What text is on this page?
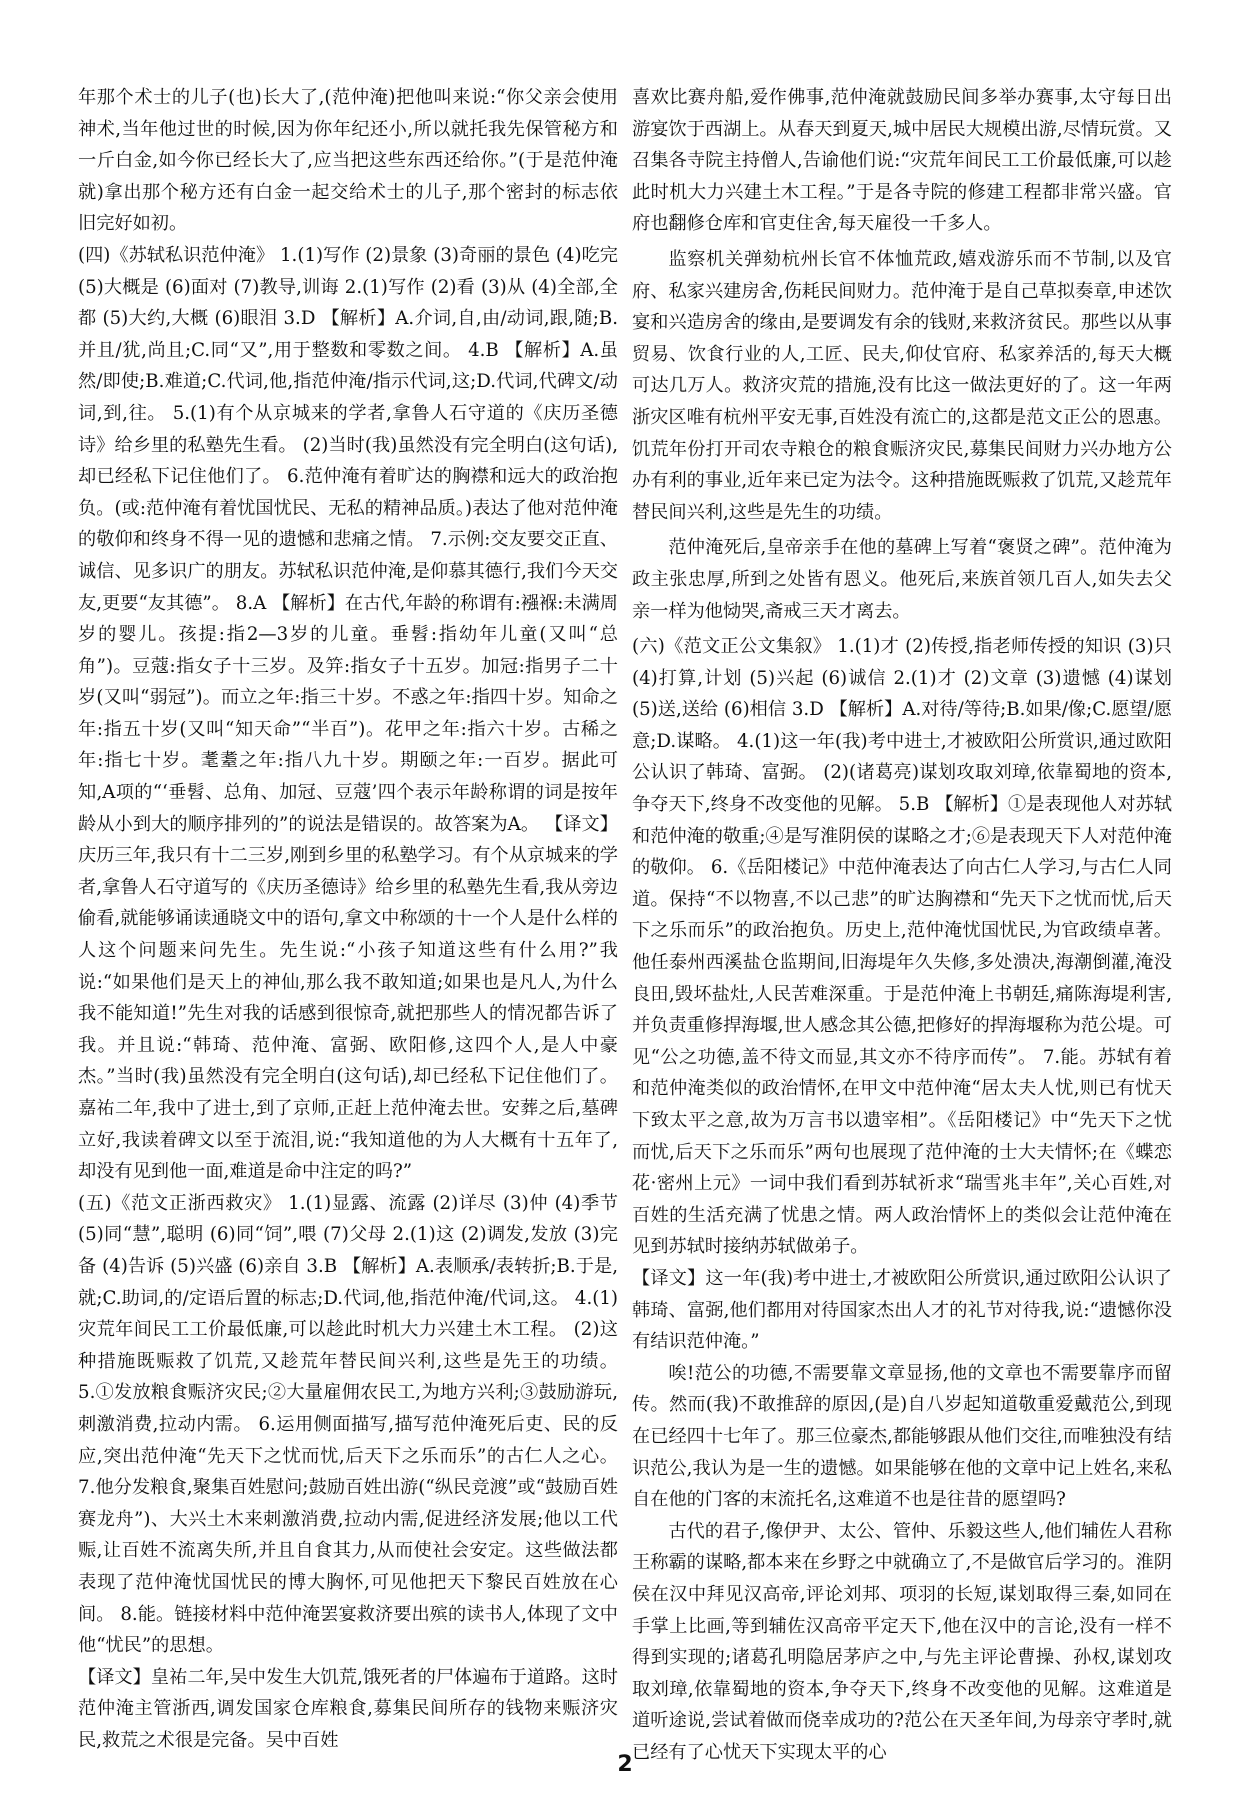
年那个术士的儿子(也)长大了,(范仲淹)把他叫来说:“你父亲会使用神术,当年他过世的时候,因为你年纪还小,所以就托我先保管秘方和一斤白金,如今你已经长大了,应当把这些东西还给你。”(于是范仲淹就)拿出那个秘方还有白金一起交给术士的儿子,那个密封的标志依旧完好如初。

(四)《苏轼私识范仲淹》 1.(1)写作 (2)景象 (3)奇丽的景色 (4)吃完 (5)大概是 (6)面对 (7)教导,训诲 2.(1)写作 (2)看 (3)从 (4)全部,全都 (5)大约,大概 (6)眼泪 3.D 【解析】A.介词,自,由/动词,跟,随;B.并且/犹,尚且;C.同“又”,用于整数和零数之间。 4.B 【解析】A.虽然/即使;B.难道;C.代词,他,指范仲淹/指示代词,这;D.代词,代碑文/动词,到,往。 5.(1)有个从京城来的学者,拿鲁人石守道的《庆历圣德诗》给乡里的私塾先生看。 (2)当时(我)虽然没有完全明白(这句话),却已经私下记住他们了。 6.范仲淹有着旷达的胸襟和远大的政治抱负。(或:范仲淹有着忧国忧民、无私的精神品质。)表达了他对范仲淹的敬仰和终身不得一见的遗憾和悲痛之情。 7.示例:交友要交正直、诚信、见多识广的朋友。苏轼私识范仲淹,是仰慕其德行,我们今天交友,更要“友其德”。 8.A 【解析】在古代,年龄的称谓有:襁褓:未满周岁的婴儿。孩提:指2—3岁的儿童。垂髫:指幼年儿童(又叫“总角”)。豆蔻:指女子十三岁。及笄:指女子十五岁。加冠:指男子二十岁(又叫“弱冠”)。而立之年:指三十岁。不惑之年:指四十岁。知命之年:指五十岁(又叫“知天命”“半百”)。花甲之年:指六十岁。古稀之年:指七十岁。耄耋之年:指八九十岁。期颐之年:一百岁。据此可知,A项的“‘垂髫、总角、加冠、豆蔻’四个表示年龄称谓的词是按年龄从小到大的顺序排列的”的说法是错误的。故答案为A。 【译文】庆历三年,我只有十二三岁,刚到乡里的私塾学习。有个从京城来的学者,拿鲁人石守道写的《庆历圣德诗》给乡里的私塾先生看,我从旁边偷看,就能够诵读通晓文中的语句,拿文中称颂的十一个人是什么样的人这个问题来问先生。先生说:“小孩子知道这些有什么用?”我说:“如果他们是天上的神仙,那么我不敢知道;如果也是凡人,为什么我不能知道!”先生对我的话感到很惊奇,就把那些人的情况都告诉了我。并且说:“韩琦、范仲淹、富弼、欧阳修,这四个人,是人中豪杰。”当时(我)虽然没有完全明白(这句话),却已经私下记住他们了。嘉祐二年,我中了进士,到了京师,正赶上范仲淹去世。安葬之后,墓碑立好,我读着碑文以至于流泪,说:“我知道他的为人大概有十五年了,却没有见到他一面,难道是命中注定的吗?”

(五)《范文正浙西救灾》 1.(1)显露、流露 (2)详尽 (3)仲 (4)季节 (5)同“慧”,聪明 (6)同“饲”,喂 (7)父母 2.(1)这 (2)调发,发放 (3)完备 (4)告诉 (5)兴盛 (6)亲自 3.B 【解析】A.表顺承/表转折;B.于是,就;C.助词,的/定语后置的标志;D.代词,他,指范仲淹/代词,这。 4.(1)灾荒年间民工工价最低廉,可以趁此时机大力兴建土木工程。 (2)这种措施既赈救了饥荒,又趁荒年替民间兴利,这些是先王的功绩。 5.①发放粮食赈济灾民;②大量雇佣农民工,为地方兴利;③鼓励游玩,刺激消费,拉动内需。 6.运用侧面描写,描写范仲淹死后吏、民的反应,突出范仲淹“先天下之忧而忧,后天下之乐而乐”的古仁人之心。 7.他分发粮食,聚集百姓慰问;鼓励百姓出游(“纵民竞渡”或“鼓励百姓赛龙舟”)、大兴土木来刺激消费,拉动内需,促进经济发展;他以工代赈,让百姓不流离失所,并且自食其力,从而使社会安定。这些做法都表现了范仲淹忧国忧民的博大胸怀,可见他把天下黎民百姓放在心间。 8.能。链接材料中范仲淹罢宴救济要出殡的读书人,体现了文中他“忧民”的思想。

【译文】皇祐二年,吴中发生大饥荒,饿死者的尸体遍布于道路。这时范仲淹主管浙西,调发国家仓库粮食,募集民间所存的钱物来赈济灾民,救荒之术很是完备。吴中百姓

喜欢比赛舟船,爱作佛事,范仲淹就鼓励民间多举办赛事,太守每日出游宴饮于西湖上。从春天到夏天,城中居民大规模出游,尽情玩赏。又召集各寺院主持僧人,告谕他们说:“灾荒年间民工工价最低廉,可以趁此时机大力兴建土木工程。”于是各寺院的修建工程都非常兴盛。官府也翻修仓库和官吏住舍,每天雇役一千多人。

监察机关弹劾杭州长官不体恤荒政,嬉戏游乐而不节制,以及官府、私家兴建房舍,伤耗民间财力。范仲淹于是自己草拟奏章,申述饮宴和兴造房舍的缘由,是要调发有余的钱财,来救济贫民。那些以从事贸易、饮食行业的人,工匠、民夫,仰仗官府、私家养活的,每天大概可达几万人。救济灾荒的措施,没有比这一做法更好的了。这一年两浙灾区唯有杭州平安无事,百姓没有流亡的,这都是范文正公的恩惠。饥荒年份打开司农寺粮仓的粮食赈济灾民,募集民间财力兴办地方公办有利的事业,近年来已定为法令。这种措施既赈救了饥荒,又趁荒年替民间兴利,这些是先生的功绩。

范仲淹死后,皇帝亲手在他的墓碑上写着“褒贤之碑”。范仲淹为政主张忠厚,所到之处皆有恩义。他死后,来族首领几百人,如失去父亲一样为他恸哭,斋戒三天才离去。

(六)《范文正公文集叙》 1.(1)才 (2)传授,指老师传授的知识 (3)只 (4)打算,计划 (5)兴起 (6)诚信 2.(1)才 (2)文章 (3)遗憾 (4)谋划 (5)送,送给 (6)相信 3.D 【解析】A.对待/等待;B.如果/像;C.愿望/愿意;D.谋略。 4.(1)这一年(我)考中进士,才被欧阳公所赏识,通过欧阳公认识了韩琦、富弼。 (2)(诸葛亮)谋划攻取刘璋,依靠蜀地的资本,争夺天下,终身不改变他的见解。 5.B 【解析】①是表现他人对苏轼和范仲淹的敬重;④是写淮阴侯的谋略之才;⑥是表现天下人对范仲淹的敬仰。 6.《岳阳楼记》中范仲淹表达了向古仁人学习,与古仁人同道。保持“不以物喜,不以己悲”的旷达胸襟和“先天下之忧而忧,后天下之乐而乐”的政治抱负。历史上,范仲淹忧国忧民,为官政绩卓著。他任泰州西溪盐仓监期间,旧海堤年久失修,多处溃决,海潮倒灌,淹没良田,毁坏盐灶,人民苦难深重。于是范仲淹上书朝廷,痛陈海堤利害,并负责重修捍海堰,世人感念其公德,把修好的捍海堰称为范公堤。可见“公之功德,盖不待文而显,其文亦不待序而传”。 7.能。苏轼有着和范仲淹类似的政治情怀,在甲文中范仲淹“居太夫人忧,则已有忧天下致太平之意,故为万言书以遗宰相”。《岳阳楼记》中“先天下之忧而忧,后天下之乐而乐”两句也展现了范仲淹的士大夫情怀;在《蝶恋花·密州上元》一词中我们看到苏轼祈求“瑞雪兆丰年”,关心百姓,对百姓的生活充满了忧患之情。两人政治情怀上的类似会让范仲淹在见到苏轼时接纳苏轼做弟子。

【译文】这一年(我)考中进士,才被欧阳公所赏识,通过欧阳公认识了韩琦、富弼,他们都用对待国家杰出人才的礼节对待我,说:“遗憾你没有结识范仲淹。”

唉!范公的功德,不需要靠文章显扬,他的文章也不需要靠序而留传。然而(我)不敢推辞的原因,(是)自八岁起知道敬重爱戴范公,到现在已经四十七年了。那三位豪杰,都能够跟从他们交往,而唯独没有结识范公,我认为是一生的遗憾。如果能够在他的文章中记上姓名,来私自在他的门客的末流托名,这难道不也是往昔的愿望吗?

古代的君子,像伊尹、太公、管仲、乐毅这些人,他们辅佐人君称王称霸的谋略,都本来在乡野之中就确立了,不是做官后学习的。淮阴侯在汉中拜见汉高帝,评论刘邦、项羽的长短,谋划取得三秦,如同在手掌上比画,等到辅佐汉高帝平定天下,他在汉中的言论,没有一样不得到实现的;诸葛孔明隐居茅庐之中,与先主评论曹操、孙权,谋划攻取刘璋,依靠蜀地的资本,争夺天下,终身不改变他的见解。这难道是道听途说,尝试着做而侥幸成功的?范公在天圣年间,为母亲守孝时,就已经有了心忧天下实现太平的心

2
